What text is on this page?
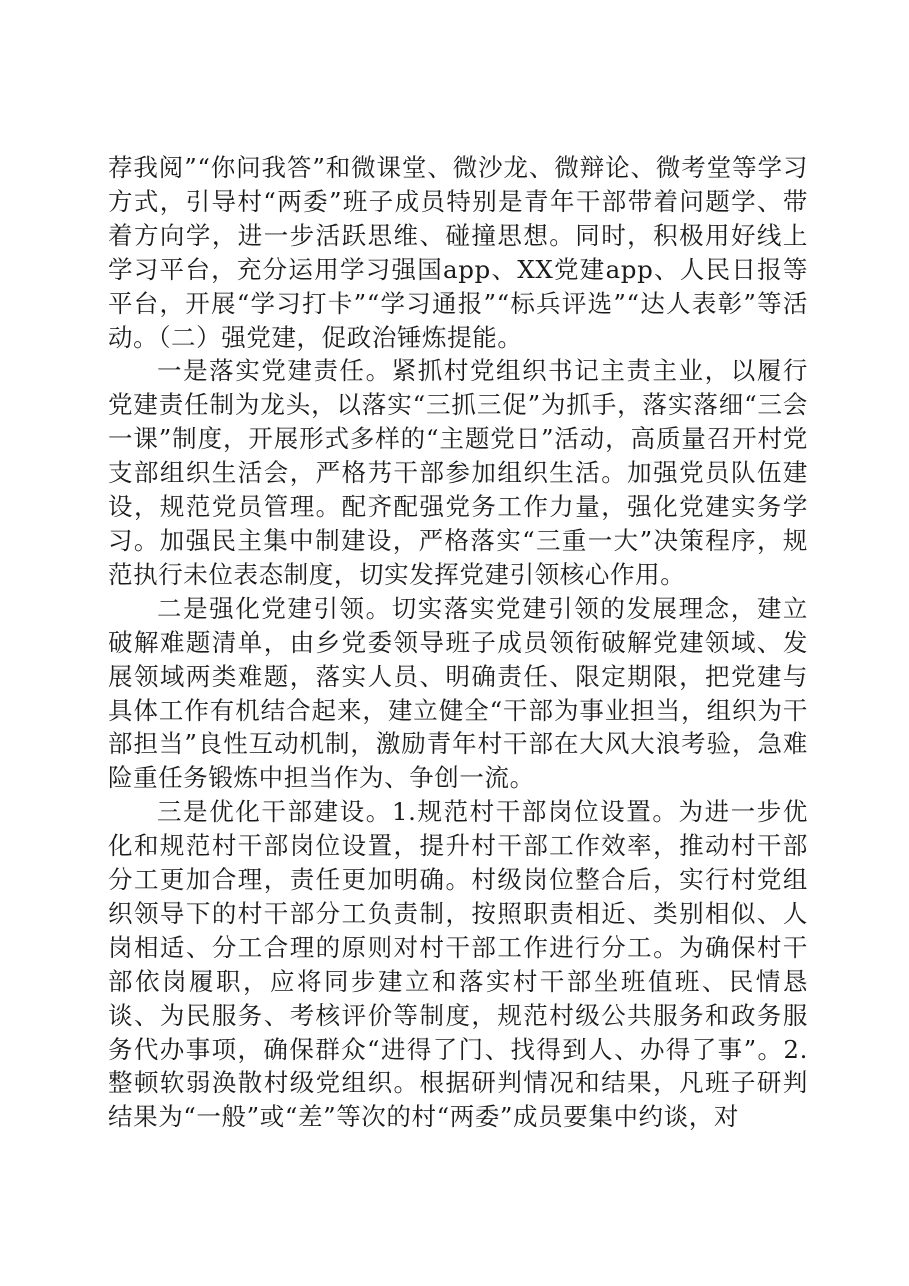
荐我阅”“你问我答”和微课堂、微沙龙、微辩论、微考堂等学习方式，引导村“两委”班子成员特别是青年干部带着问题学、带着方向学，进一步活跃思维、碰撞思想。同时，积极用好线上学习平台，充分运用学习强国app、XX党建app、人民日报等平台，开展“学习打卡”“学习通报”“标兵评选”“达人表彰”等活动。（二）强党建，促政治锤炼提能。

一是落实党建责任。紧抓村党组织书记主责主业，以履行党建责任制为龙头，以落实“三抓三促”为抓手，落实落细“三会一课”制度，开展形式多样的“主题党日”活动，高质量召开村党支部组织生活会，严格艿干部参加组织生活。加强党员队伍建设，规范党员管理。配齐配强党务工作力量，强化党建实务学习。加强民主集中制建设，严格落实“三重一大”决策程序，规范执行未位表态制度，切实发挥党建引领核心作用。

二是强化党建引领。切实落实党建引领的发展理念，建立破解难题清单，由乡党委领导班子成员领衔破解党建领域、发展领域两类难题，落实人员、明确责任、限定期限，把党建与具体工作有机结合起来，建立健全“干部为事业担当，组织为干部担当”良性互动机制，激励青年村干部在大风大浪考验，急难险重任务锻炼中担当作为、争创一流。

三是优化干部建设。1.规范村干部岗位设置。为进一步优化和规范村干部岗位设置，提升村干部工作效率，推动村干部分工更加合理，责任更加明确。村级岗位整合后，实行村党组织领导下的村干部分工负责制，按照职责相近、类别相似、人岗相适、分工合理的原则对村干部工作进行分工。为确保村干部依岗履职，应将同步建立和落实村干部坐班值班、民情恳谈、为民服务、考核评价等制度，规范村级公共服务和政务服务代办事项，确保群众“进得了门、找得到人、办得了事”。2.整顿软弱涣散村级党组织。根据研判情况和结果，凡班子研判结果为“一般”或“差”等次的村“两委”成员要集中约谈，对
